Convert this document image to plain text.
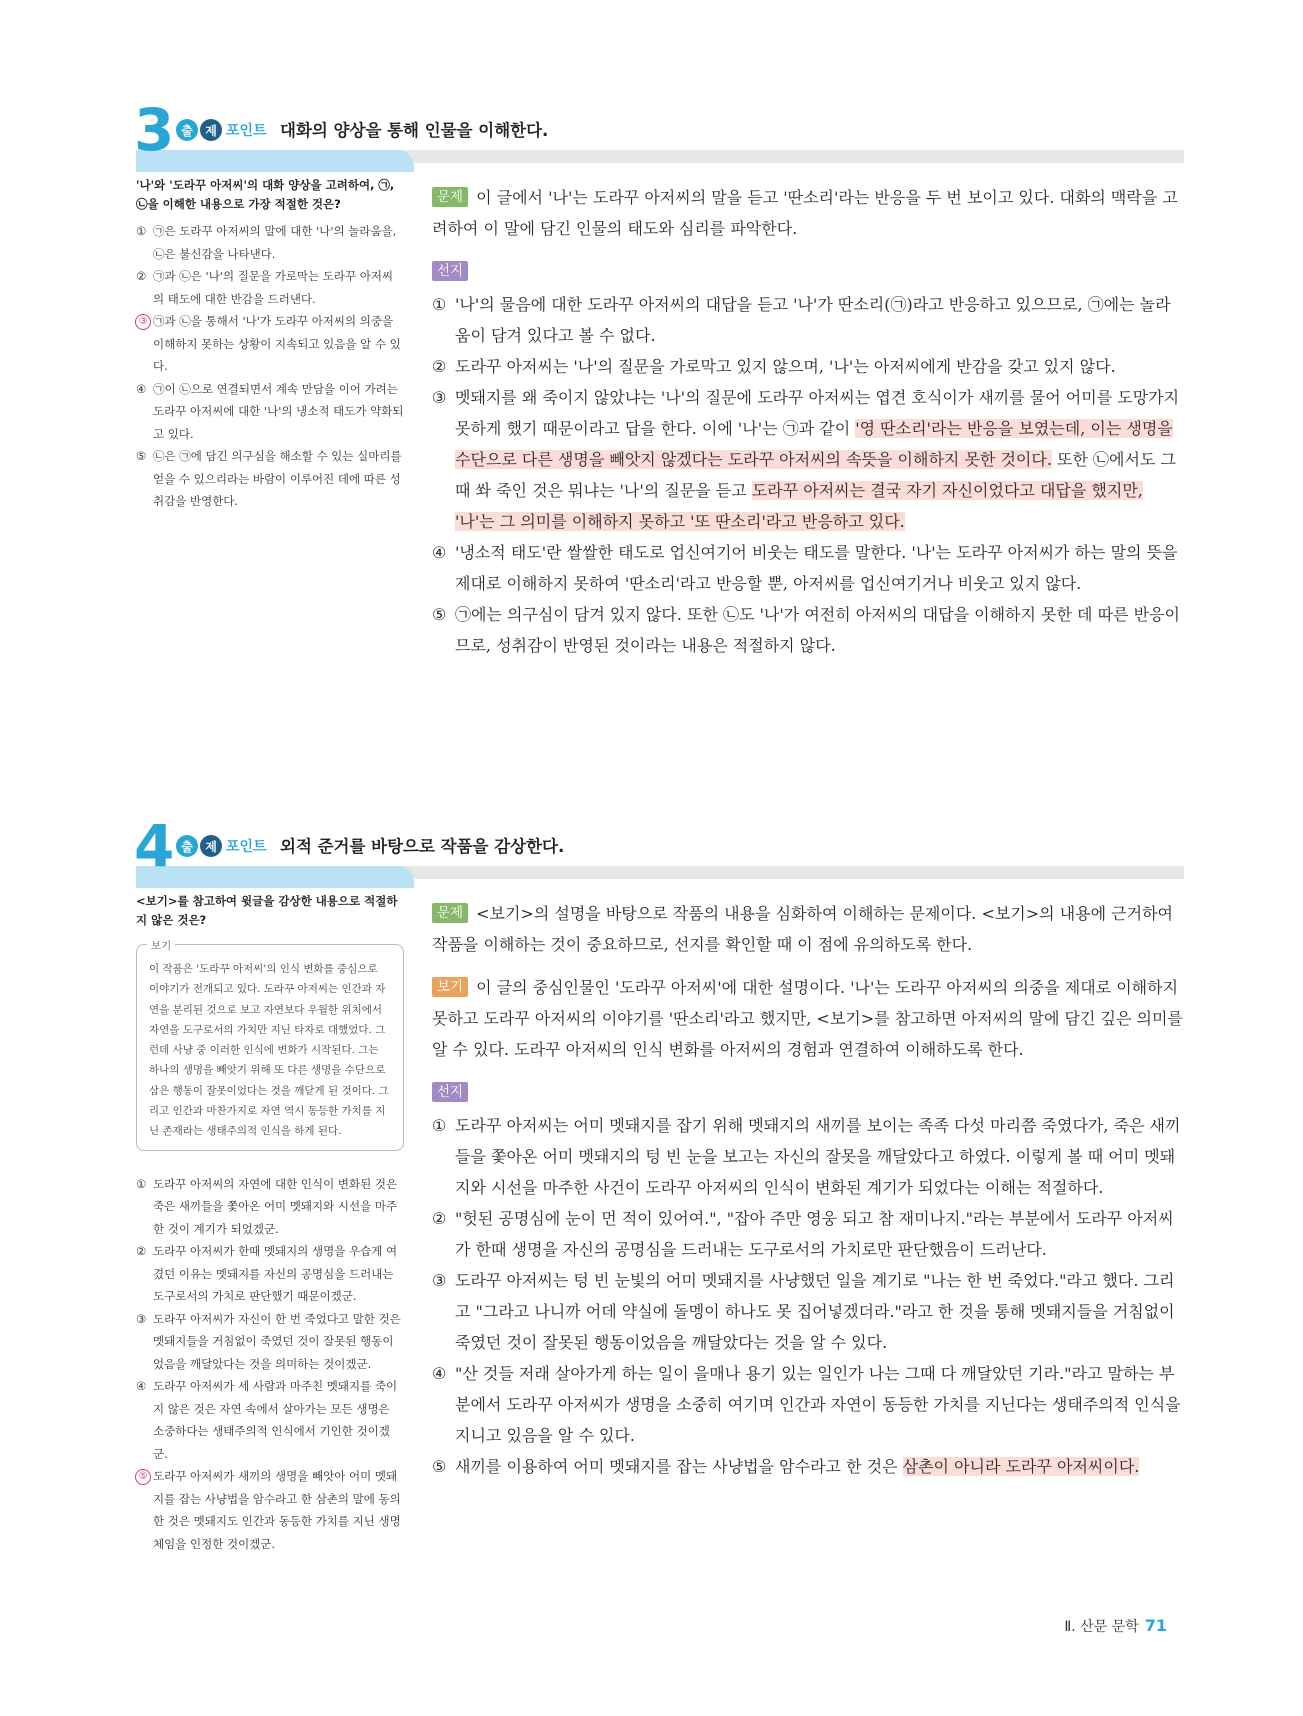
3 출	제 포인트 대화의 양상을 통해 인물을 이해한다.
'나'와 '도라꾸 아저씨'의 대화 양상을 고려하여, ㉠, ㉡을 이해한 내용으로 가장 적절한 것은?

① ㉠은 도라꾸 아저씨의 말에 대한 '나'의 놀라움을, ㉡은 불신감을 나타낸다.

② ㉠과 ㉡은 '나'의 질문을 가로막는 도라꾸 아저씨의 태도에 대한 반감을 드러낸다.

③ ㉠과 ㉡을 통해서 '나'가 도라꾸 아저씨의 의중을 이해하지 못하는 상황이 지속되고 있음을 알 수 있다.

④ ㉠이 ㉡으로 연결되면서 계속 만담을 이어 가려는 도라꾸 아저씨에 대한 '나'의 냉소적 태도가 약화되고 있다.

⑤ ㉡은 ㉠에 담긴 의구심을 해소할 수 있는 실마리를 얻을 수 있으리라는 바람이 이루어진 데에 따른 성취감을 반영한다.

문제 이 글에서 '나'는 도라꾸 아저씨의 말을 듣고 '딴소리'라는 반응을 두 번 보이고 있다. 대화의 맥락을 고려하여 이 말에 담긴 인물의 태도와 심리를 파악한다.

선지

① '나'의 물음에 대한 도라꾸 아저씨의 대답을 듣고 '나'가 딴소리(㉠)라고 반응하고 있으므로, ㉠에는 놀라움이 담겨 있다고 볼 수 없다.

② 도라꾸 아저씨는 '나'의 질문을 가로막고 있지 않으며, '나'는 아저씨에게 반감을 갖고 있지 않다.

③ 멧돼지를 왜 죽이지 않았냐는 '나'의 질문에 도라꾸 아저씨는 엽견 호식이가 새끼를 물어 어미를 도망가지 못하게 했기 때문이라고 답을 한다. 이에 '나'는 ㉠과 같이 '영 딴소리'라는 반응을 보였는데, 이는 생명을 수단으로 다른 생명을 빼앗지 않겠다는 도라꾸 아저씨의 속뜻을 이해하지 못한 것이다. 또한 ㉡에서도 그때 쏴 죽인 것은 뭐냐는 '나'의 질문을 듣고 도라꾸 아저씨는 결국 자기 자신이었다고 대답을 했지만, '나'는 그 의미를 이해하지 못하고 '또 딴소리'라고 반응하고 있다.

④ '냉소적 태도'란 쌀쌀한 태도로 업신여기어 비웃는 태도를 말한다. '나'는 도라꾸 아저씨가 하는 말의 뜻을 제대로 이해하지 못하여 '딴소리'라고 반응할 뿐, 아저씨를 업신여기거나 비웃고 있지 않다.

⑤ ㉠에는 의구심이 담겨 있지 않다. 또한 ㉡도 '나'가 여전히 아저씨의 대답을 이해하지 못한 데 따른 반응이므로, 성취감이 반영된 것이라는 내용은 적절하지 않다.

4 출	제 포인트 외적 준거를 바탕으로 작품을 감상한다.
<보기>를 참고하여 윗글을 감상한 내용으로 적절하지 않은 것은?
보기
이 작품은 '도라꾸 아저씨'의 인식 변화를 중심으로 이야기가 전개되고 있다. 도라꾸 아저씨는 인간과 자연을 분리된 것으로 보고 자연보다 우월한 위치에서 자연을 도구로서의 가치만 지닌 타자로 대했었다. 그런데 사냥 중 이러한 인식에 변화가 시작된다. 그는 하나의 생명을 빼앗기 위해 또 다른 생명을 수단으로 삼은 행동이 잘못이었다는 것을 깨닫게 된 것이다. 그리고 인간과 마찬가지로 자연 역시 동등한 가치를 지닌 존재라는 생태주의적 인식을 하게 된다.

① 도라꾸 아저씨의 자연에 대한 인식이 변화된 것은 죽은 새끼들을 쫓아온 어미 멧돼지와 시선을 마주한 것이 계기가 되었겠군.

② 도라꾸 아저씨가 한때 멧돼지의 생명을 우습게 여겼던 이유는 멧돼지를 자신의 공명심을 드러내는 도구로서의 가치로 판단했기 때문이겠군.

③ 도라꾸 아저씨가 자신이 한 번 죽었다고 말한 것은 멧돼지들을 거침없이 죽였던 것이 잘못된 행동이었음을 깨달았다는 것을 의미하는 것이겠군.

④ 도라꾸 아저씨가 세 사람과 마주친 멧돼지를 죽이지 않은 것은 자연 속에서 살아가는 모든 생명은 소중하다는 생태주의적 인식에서 기인한 것이겠군.

⑤ 도라꾸 아저씨가 새끼의 생명을 빼앗아 어미 멧돼지를 잡는 사냥법을 암수라고 한 삼촌의 말에 동의한 것은 멧돼지도 인간과 동등한 가치를 지닌 생명체임을 인정한 것이겠군.

문제 <보기>의 설명을 바탕으로 작품의 내용을 심화하여 이해하는 문제이다. <보기>의 내용에 근거하여 작품을 이해하는 것이 중요하므로, 선지를 확인할 때 이 점에 유의하도록 한다.

보기 이 글의 중심인물인 '도라꾸 아저씨'에 대한 설명이다. '나'는 도라꾸 아저씨의 의중을 제대로 이해하지 못하고 도라꾸 아저씨의 이야기를 '딴소리'라고 했지만, <보기>를 참고하면 아저씨의 말에 담긴 깊은 의미를 알 수 있다. 도라꾸 아저씨의 인식 변화를 아저씨의 경험과 연결하여 이해하도록 한다.

선지

① 도라꾸 아저씨는 어미 멧돼지를 잡기 위해 멧돼지의 새끼를 보이는 족족 다섯 마리쯤 죽였다가, 죽은 새끼들을 쫓아온 어미 멧돼지의 텅 빈 눈을 보고는 자신의 잘못을 깨달았다고 하였다. 이렇게 볼 때 어미 멧돼지와 시선을 마주한 사건이 도라꾸 아저씨의 인식이 변화된 계기가 되었다는 이해는 적절하다.

② "헛된 공명심에 눈이 먼 적이 있어여.", "잡아 주만 영웅 되고 참 재미나지."라는 부분에서 도라꾸 아저씨가 한때 생명을 자신의 공명심을 드러내는 도구로서의 가치로만 판단했음이 드러난다.

③ 도라꾸 아저씨는 텅 빈 눈빛의 어미 멧돼지를 사냥했던 일을 계기로 "나는 한 번 죽었다."라고 했다. 그리고 "그라고 나니까 어데 약실에 돌멩이 하나도 못 집어넣겠더라."라고 한 것을 통해 멧돼지들을 거침없이 죽였던 것이 잘못된 행동이었음을 깨달았다는 것을 알 수 있다.

④ "산 것들 저래 살아가게 하는 일이 을매나 용기 있는 일인가 나는 그때 다 깨달았던 기라."라고 말하는 부분에서 도라꾸 아저씨가 생명을 소중히 여기며 인간과 자연이 동등한 가치를 지닌다는 생태주의적 인식을 지니고 있음을 알 수 있다.

⑤ 새끼를 이용하여 어미 멧돼지를 잡는 사냥법을 암수라고 한 것은 삼촌이 아니라 도라꾸 아저씨이다.

Ⅱ. 산문 문학 71
